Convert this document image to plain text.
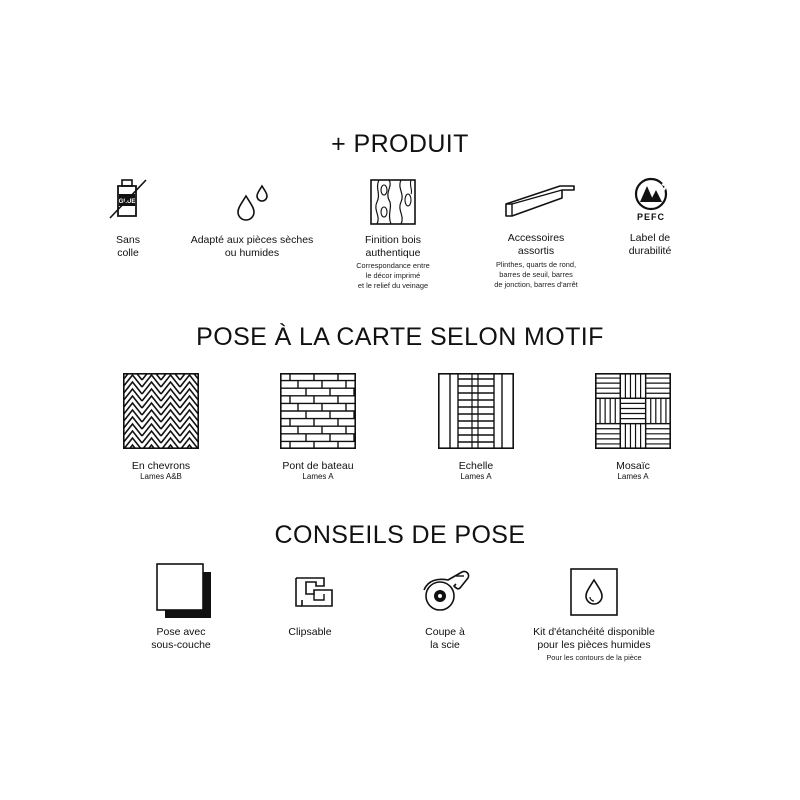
+ PRODUIT
GLUE
Sans
colle
Adapté aux pièces sèches
ou humides
Finition bois
authentique
Correspondance entre
le décor imprimé
et le relief du veinage
Accessoires
assortis
Plinthes, quarts de rond,
barres de seuil, barres
de jonction, barres d'arrêt
PEFC
Label de
durabilité
POSE À LA CARTE SELON MOTIF
En chevrons
Lames A&B
Pont de bateau
Lames A
Echelle
Lames A
Mosaïc
Lames A
CONSEILS DE POSE
Pose avec
sous-couche
Clipsable	Coupe à
la scie
Kit d'étanchéité disponible
pour les pièces humides
Pour les contours de la pièce
